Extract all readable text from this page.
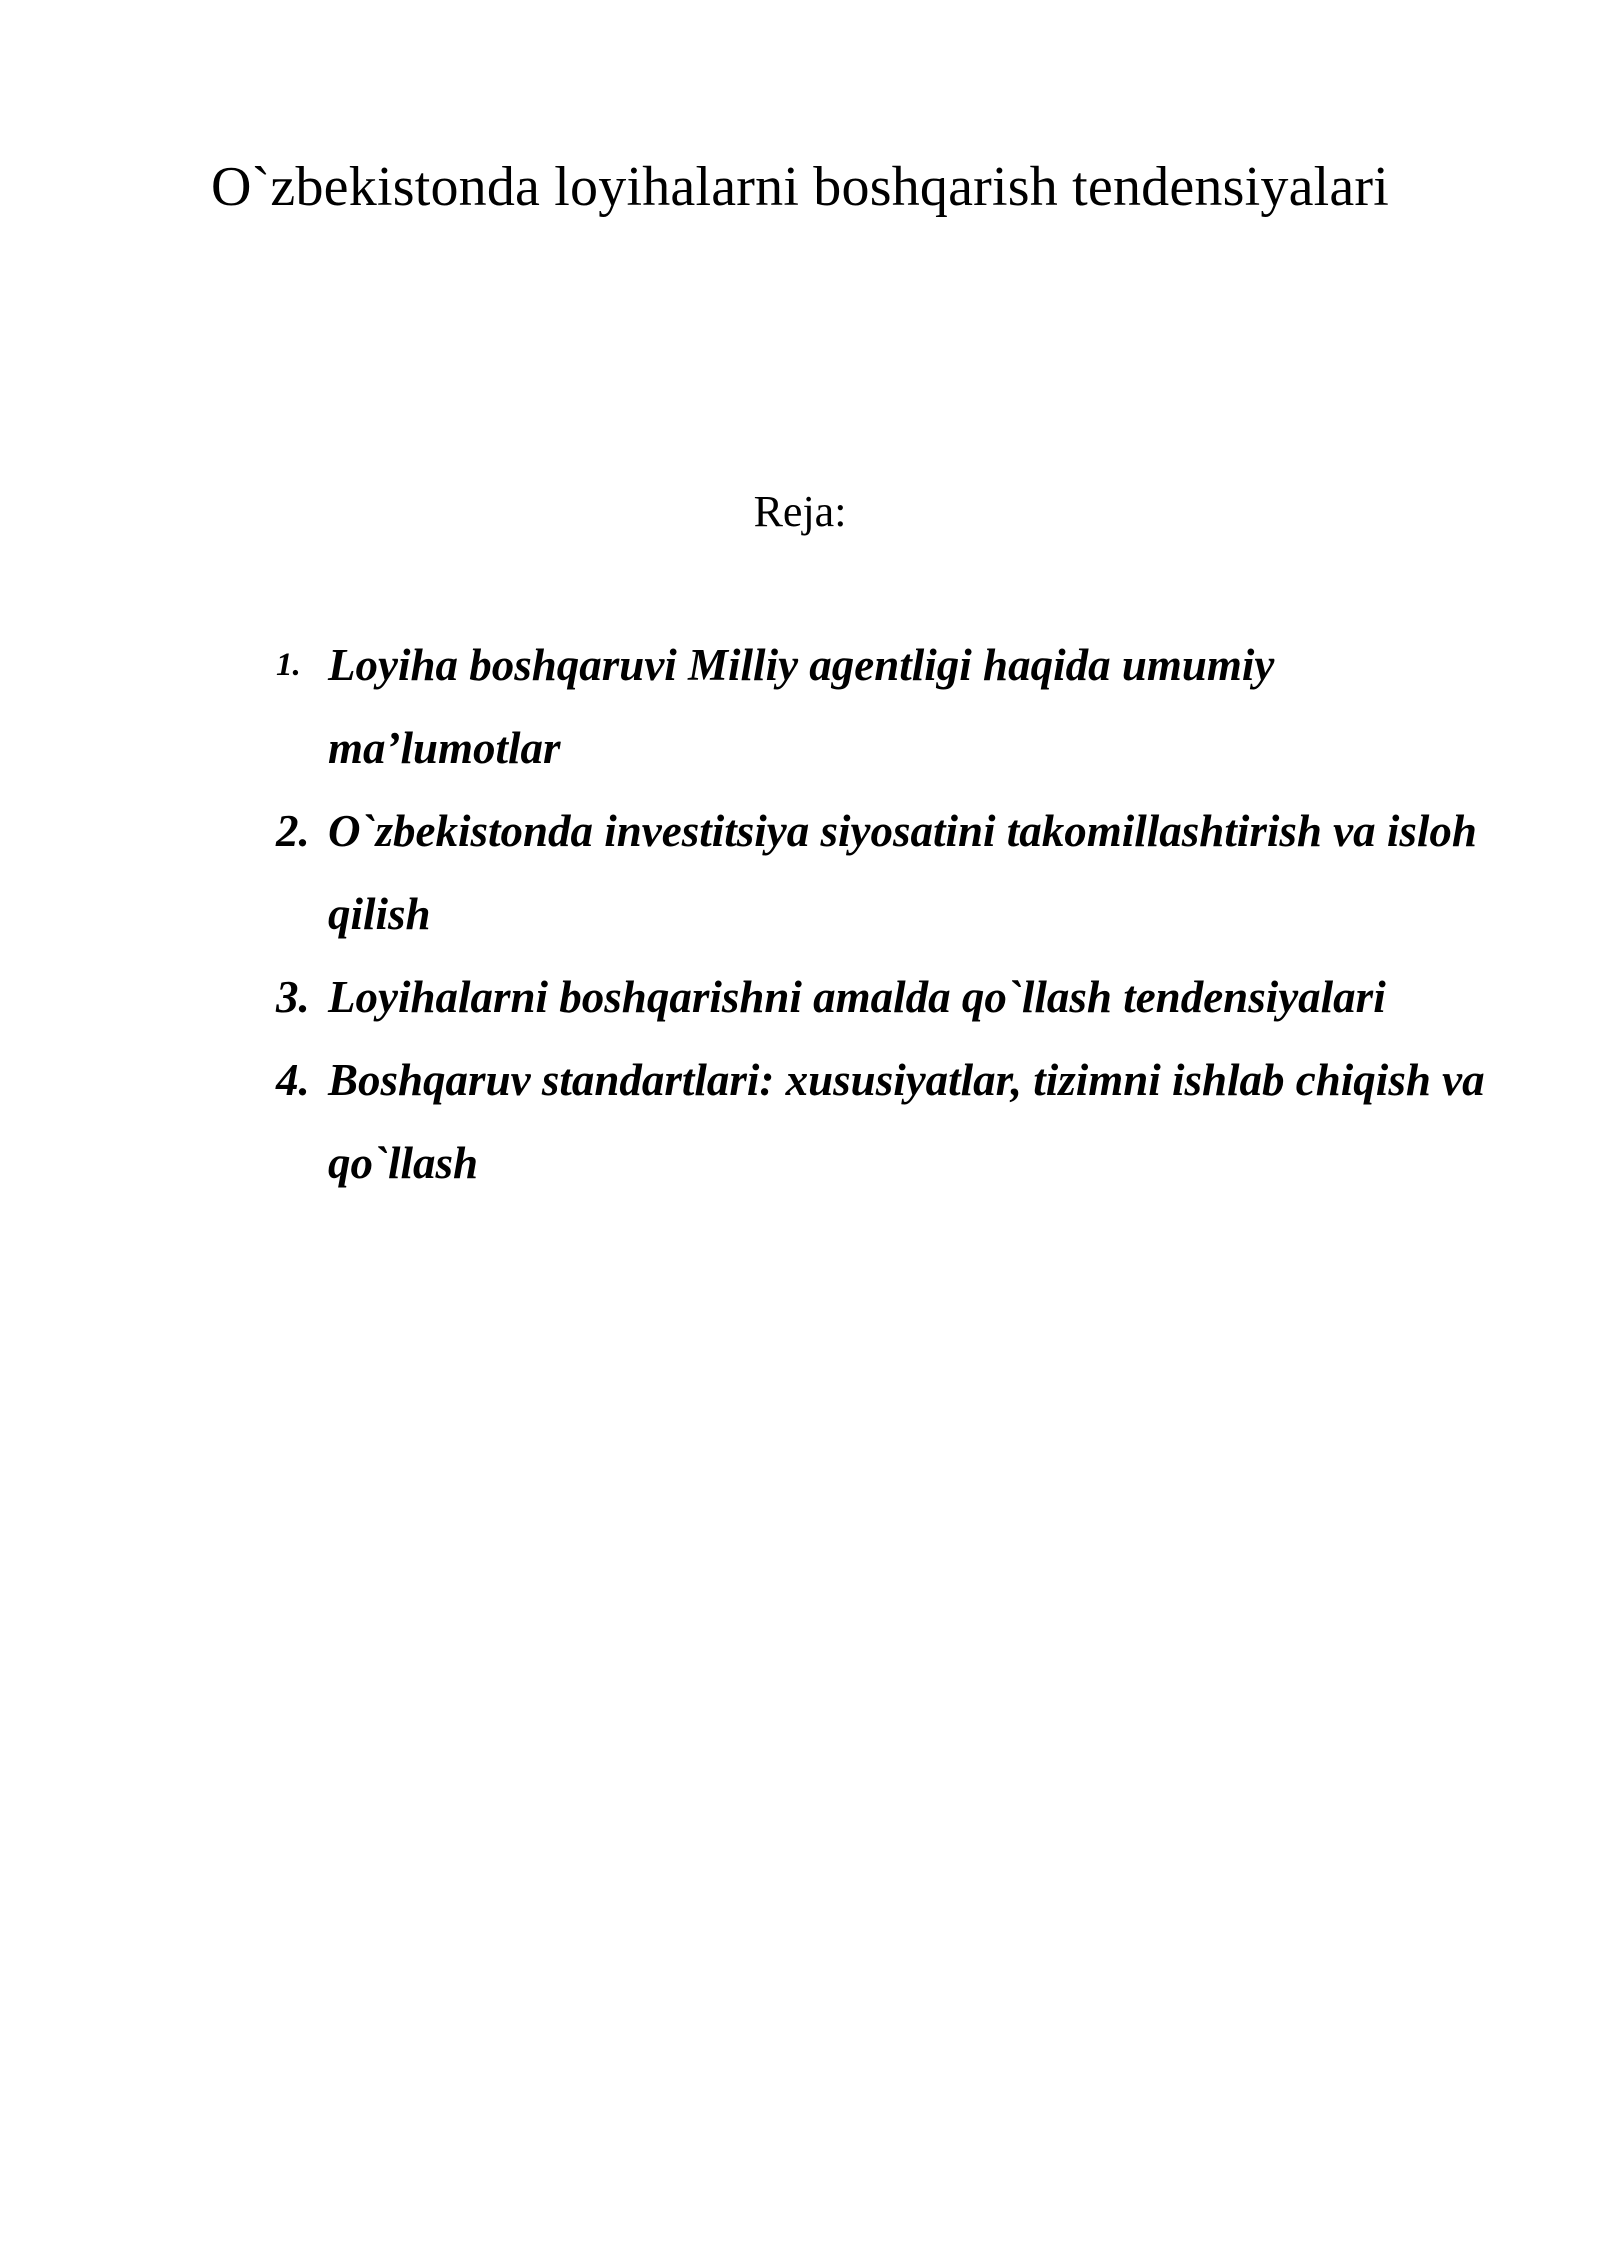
O`zbekistonda loyihalarni boshqarish tendensiyalari

Reja:

1. Loyiha boshqaruvi Milliy agentligi haqida umumiy ma’lumotlar
2. O`zbekistonda investitsiya siyosatini takomillashtirish va isloh qilish
3. Loyihalarni boshqarishni amalda qo`llash tendensiyalari
4. Boshqaruv standartlari: xususiyatlar, tizimni ishlab chiqish va qo`llash
